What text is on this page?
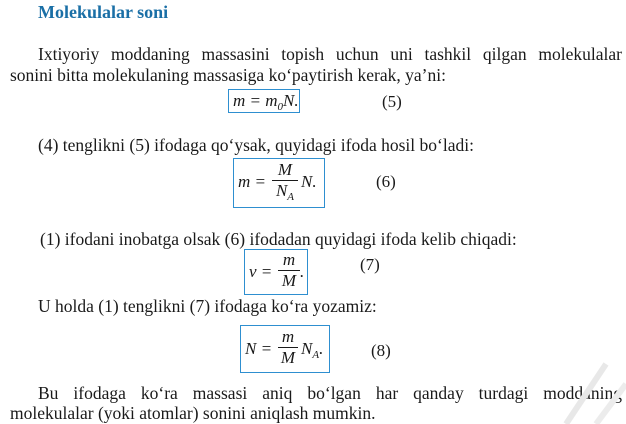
Molekulalar soni
Ixtiyoriy moddaning massasini topish uchun uni tashkil qilgan molekulalar
sonini bitta molekulaning massasiga ko‘paytirish kerak, ya’ni:
$m = m_0N$.	(5)
(4) tenglikni (5) ifodaga qo‘ysak, quyidagi ifoda hosil bo‘ladi:
m =
M
$N_A$
N.	(6)
(1) ifodani inobatga olsak (6) ifodadan quyidagi ifoda kelib chiqadi:
ν =
m
M .	(7)
U holda (1) tenglikni (7) ifodaga ko‘ra yozamiz:
N =
m
M $N_A$.	(8)
Bu ifodaga ko‘ra massasi aniq bo‘lgan har qanday turdagi moddaning
molekulalar (yoki atomlar) sonini aniqlash mumkin.
